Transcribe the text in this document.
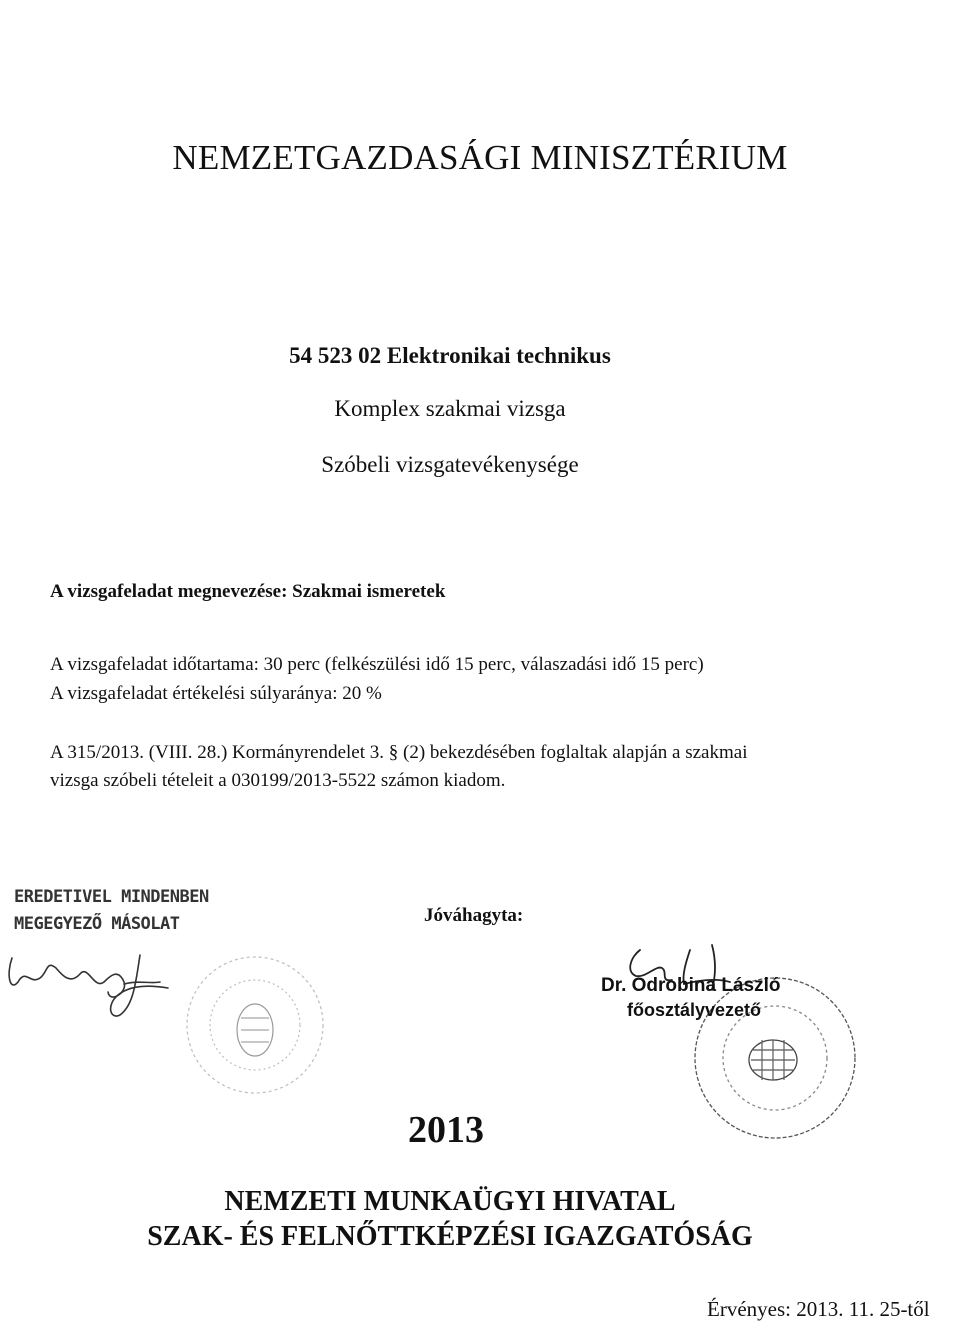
NEMZETGAZDASÁGI MINISZTÉRIUM

54 523 02 Elektronikai technikus

Komplex szakmai vizsga

Szóbeli vizsgatevékenysége

A vizsgafeladat megnevezése: Szakmai ismeretek

A vizsgafeladat időtartama: 30 perc (felkészülési idő 15 perc, válaszadási idő 15 perc)

A vizsgafeladat értékelési súlyaránya: 20 %

A 315/2013. (VIII. 28.) Kormányrendelet 3. § (2) bekezdésében foglaltak alapján a szakmai

vizsga szóbeli tételeit a 030199/2013-5522 számon kiadom.

EREDETIVEL MINDENBEN
MEGEGYEZŐ MÁSOLAT	Jóváhagyta:

Dr. Odrobina László

főosztályvezető

2013

NEMZETI MUNKAÜGYI HIVATAL

SZAK- ÉS FELNŐTTKÉPZÉSI IGAZGATÓSÁG

Érvényes: 2013. 11. 25-től
